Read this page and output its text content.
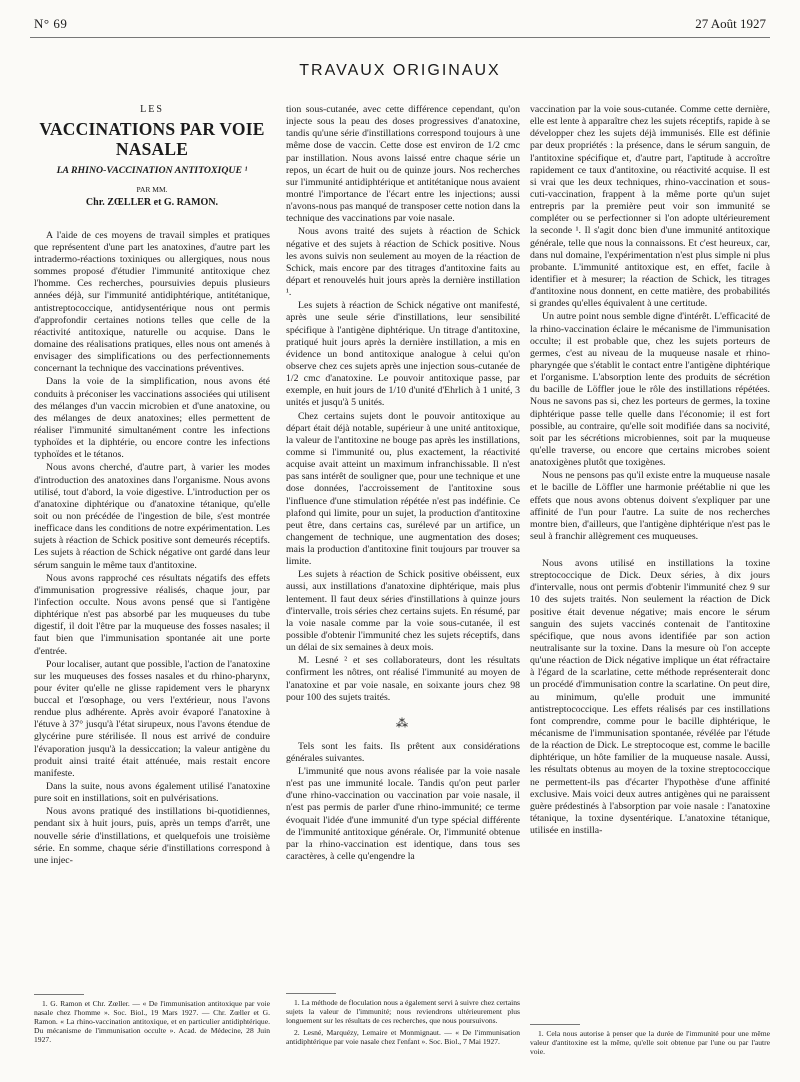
N° 69	27 Août 1927
TRAVAUX ORIGINAUX
LES
VACCINATIONS PAR VOIE NASALE
LA RHINO-VACCINATION ANTITOXIQUE ¹
PAR MM.
Chr. ZŒLLER et G. RAMON.

A l'aide de ces moyens de travail simples et pratiques que représentent d'une part les anatoxines, d'autre part les intradermo-réactions toxiniques ou allergiques, nous nous sommes proposé d'étudier l'immunité antitoxique chez l'homme. Ces recherches, poursuivies depuis plusieurs années déjà, sur l'immunité antidiphtérique, antitétanique, antistreptococcique, antidysentérique nous ont permis d'approfondir certaines notions telles que celle de la réactivité antitoxique, naturelle ou acquise. Dans le domaine des réalisations pratiques, elles nous ont amenés à envisager des simplifications ou des perfectionnements concernant la technique des vaccinations préventives.

Dans la voie de la simplification, nous avons été conduits à préconiser les vaccinations associées qui utilisent des mélanges d'un vaccin microbien et d'une anatoxine, ou des mélanges de deux anatoxines; elles permettent de réaliser l'immunité simultanément contre les infections typhoïdes et la diphtérie, ou encore contre les infections typhoïdes et le tétanos.

Nous avons cherché, d'autre part, à varier les modes d'introduction des anatoxines dans l'organisme. Nous avons utilisé, tout d'abord, la voie digestive. L'introduction per os d'anatoxine diphtérique ou d'anatoxine tétanique, qu'elle soit ou non précédée de l'ingestion de bile, s'est montrée inefficace dans les conditions de notre expérimentation. Les sujets à réaction de Schick positive sont demeurés réceptifs. Les sujets à réaction de Schick négative ont gardé dans leur sérum sanguin le même taux d'antitoxine.

Nous avons rapproché ces résultats négatifs des effets d'immunisation progressive réalisés, chaque jour, par l'infection occulte. Nous avons pensé que si l'antigène diphtérique n'est pas absorbé par les muqueuses du tube digestif, il doit l'être par la muqueuse des fosses nasales; il faut bien que l'immunisation spontanée ait une porte d'entrée.

Pour localiser, autant que possible, l'action de l'anatoxine sur les muqueuses des fosses nasales et du rhino-pharynx, pour éviter qu'elle ne glisse rapidement vers le pharynx buccal et l'œsophage, ou vers l'extérieur, nous l'avons rendue plus adhérente. Après avoir évaporé l'anatoxine à l'étuve à 37° jusqu'à l'état sirupeux, nous l'avons étendue de glycérine pure stérilisée. Il nous est arrivé de conduire l'évaporation jusqu'à la dessiccation; la valeur antigène du produit ainsi traité était atténuée, mais restait encore manifeste.

Dans la suite, nous avons également utilisé l'anatoxine pure soit en instillations, soit en pulvérisations.

Nous avons pratiqué des instillations bi-quotidiennes, pendant six à huit jours, puis, après un temps d'arrêt, une nouvelle série d'instillations, et quelquefois une troisième série. En somme, chaque série d'instillations correspond à une injec-

tion sous-cutanée, avec cette différence cependant, qu'on injecte sous la peau des doses progressives d'anatoxine, tandis qu'une série d'instillations correspond toujours à une même dose de vaccin. Cette dose est environ de 1/2 cmc par instillation. Nous avons laissé entre chaque série un repos, un écart de huit ou de quinze jours. Nos recherches sur l'immunité antidiphtérique et antitétanique nous avaient montré l'importance de l'écart entre les injections; aussi n'avons-nous pas manqué de transposer cette notion dans la technique des vaccinations par voie nasale.

Nous avons traité des sujets à réaction de Schick négative et des sujets à réaction de Schick positive. Nous les avons suivis non seulement au moyen de la réaction de Schick, mais encore par des titrages d'antitoxine faits au départ et renouvelés huit jours après la dernière instillation ¹.

Les sujets à réaction de Schick négative ont manifesté, après une seule série d'instillations, leur sensibilité spécifique à l'antigène diphtérique. Un titrage d'antitoxine, pratiqué huit jours après la dernière instillation, a mis en évidence un bond antitoxique analogue à celui qu'on observe chez ces sujets après une injection sous-cutanée de 1/2 cmc d'anatoxine. Le pouvoir antitoxique passe, par exemple, en huit jours de 1/10 d'unité d'Ehrlich à 1 unité, 3 unités et jusqu'à 5 unités.

Chez certains sujets dont le pouvoir antitoxique au départ était déjà notable, supérieur à une unité antitoxique, la valeur de l'antitoxine ne bouge pas après les instillations, comme si l'immunité ou, plus exactement, la réactivité acquise avait atteint un maximum infranchissable. Il n'est pas sans intérêt de souligner que, pour une technique et une dose données, l'accroissement de l'antitoxine sous l'influence d'une stimulation répétée n'est pas indéfinie. Ce plafond qui limite, pour un sujet, la production d'antitoxine peut être, dans certains cas, surélevé par un artifice, un changement de technique, une augmentation des doses; mais la production d'antitoxine finit toujours par trouver sa limite.

Les sujets à réaction de Schick positive obéissent, eux aussi, aux instillations d'anatoxine diphtérique, mais plus lentement. Il faut deux séries d'instillations à quinze jours d'intervalle, trois séries chez certains sujets. En résumé, par la voie nasale comme par la voie sous-cutanée, il est possible d'obtenir l'immunité chez les sujets réceptifs, dans un délai de six semaines à deux mois.

M. Lesné ² et ses collaborateurs, dont les résultats confirment les nôtres, ont réalisé l'immunité au moyen de l'anatoxine et par voie nasale, en soixante jours chez 98 pour 100 des sujets traités.

⁂

Tels sont les faits. Ils prêtent aux considérations générales suivantes.

L'immunité que nous avons réalisée par la voie nasale n'est pas une immunité locale. Tandis qu'on peut parler d'une rhino-vaccination ou vaccination par voie nasale, il n'est pas permis de parler d'une rhino-immunité; ce terme évoquait l'idée d'une immunité d'un type spécial différente de l'immunité antitoxique générale. Or, l'immunité obtenue par la rhino-vaccination est identique, dans tous ses caractères, à celle qu'engendre la

vaccination par la voie sous-cutanée. Comme cette dernière, elle est lente à apparaître chez les sujets réceptifs, rapide à se développer chez les sujets déjà immunisés. Elle est définie par deux propriétés : la présence, dans le sérum sanguin, de l'antitoxine spécifique et, d'autre part, l'aptitude à accroître rapidement ce taux d'antitoxine, ou réactivité acquise. Il est si vrai que les deux techniques, rhino-vaccination et sous-cuti-vaccination, frappent à la même porte qu'un sujet entrepris par la première peut voir son immunité se compléter ou se perfectionner si l'on adopte ultérieurement la seconde ¹. Il s'agit donc bien d'une immunité antitoxique générale, telle que nous la connaissons. Et c'est heureux, car, dans nul domaine, l'expérimentation n'est plus simple ni plus probante. L'immunité antitoxique est, en effet, facile à identifier et à mesurer; la réaction de Schick, les titrages d'antitoxine nous donnent, en cette matière, des probabilités si grandes qu'elles équivalent à une certitude.

Un autre point nous semble digne d'intérêt. L'efficacité de la rhino-vaccination éclaire le mécanisme de l'immunisation occulte; il est probable que, chez les sujets porteurs de germes, c'est au niveau de la muqueuse nasale et rhino-pharyngée que s'établit le contact entre l'antigène diphtérique et l'organisme. L'absorption lente des produits de sécrétion du bacille de Löffler joue le rôle des instillations répétées. Nous ne savons pas si, chez les porteurs de germes, la toxine diphtérique passe telle quelle dans l'économie; il est fort possible, au contraire, qu'elle soit modifiée dans sa nocivité, soit par les sécrétions microbiennes, soit par la muqueuse qu'elle traverse, ou encore que certains microbes soient anatoxigènes plutôt que toxigènes.

Nous ne pensons pas qu'il existe entre la muqueuse nasale et le bacille de Löffler une harmonie préétablie ni que les effets que nous avons obtenus doivent s'expliquer par une affinité de l'un pour l'autre. La suite de nos recherches montre bien, d'ailleurs, que l'antigène diphtérique n'est pas le seul à franchir allègrement ces muqueuses.

Nous avons utilisé en instillations la toxine streptococcique de Dick. Deux séries, à dix jours d'intervalle, nous ont permis d'obtenir l'immunité chez 9 sur 10 des sujets traités. Non seulement la réaction de Dick positive était devenue négative; mais encore le sérum sanguin des sujets vaccinés contenait de l'antitoxine spécifique, que nous avons identifiée par son action neutralisante sur la toxine. Dans la mesure où l'on accepte qu'une réaction de Dick négative implique un état réfractaire à l'égard de la scarlatine, cette méthode représenterait donc un procédé d'immunisation contre la scarlatine. On peut dire, au minimum, qu'elle produit une immunité antistreptococcique. Les effets réalisés par ces instillations font comprendre, comme pour le bacille diphtérique, le mécanisme de l'immunisation spontanée, révélée par l'étude de la réaction de Dick. Le streptocoque est, comme le bacille diphtérique, un hôte familier de la muqueuse nasale. Aussi, les résultats obtenus au moyen de la toxine streptococcique ne permettent-ils pas d'écarter l'hypothèse d'une affinité exclusive. Mais voici deux autres antigènes qui ne paraissent guère prédestinés à l'absorption par voie nasale : l'anatoxine tétanique, la toxine dysentérique. L'anatoxine tétanique, utilisée en instilla-

1. G. Ramon et Chr. Zœller. — « De l'immunisation antitoxique par voie nasale chez l'homme ». Soc. Biol., 19 Mars 1927. — Chr. Zœller et G. Ramon. « La rhino-vaccination antitoxique, et en particulier antidiphtérique. Du mécanisme de l'immunisation occulte ». Acad. de Médecine, 28 Juin 1927.

1. La méthode de floculation nous a également servi à suivre chez certains sujets la valeur de l'immunité; nous reviendrons ultérieurement plus longuement sur les résultats de ces recherches, que nous poursuivons.

2. Lesné, Marquézy, Lemaire et Monmignaut. — « De l'immunisation antidiphtérique par voie nasale chez l'enfant ». Soc. Biol., 7 Mai 1927.

1. Cela nous autorise à penser que la durée de l'immunité pour une même valeur d'antitoxine est la même, qu'elle soit obtenue par l'une ou par l'autre voie.
